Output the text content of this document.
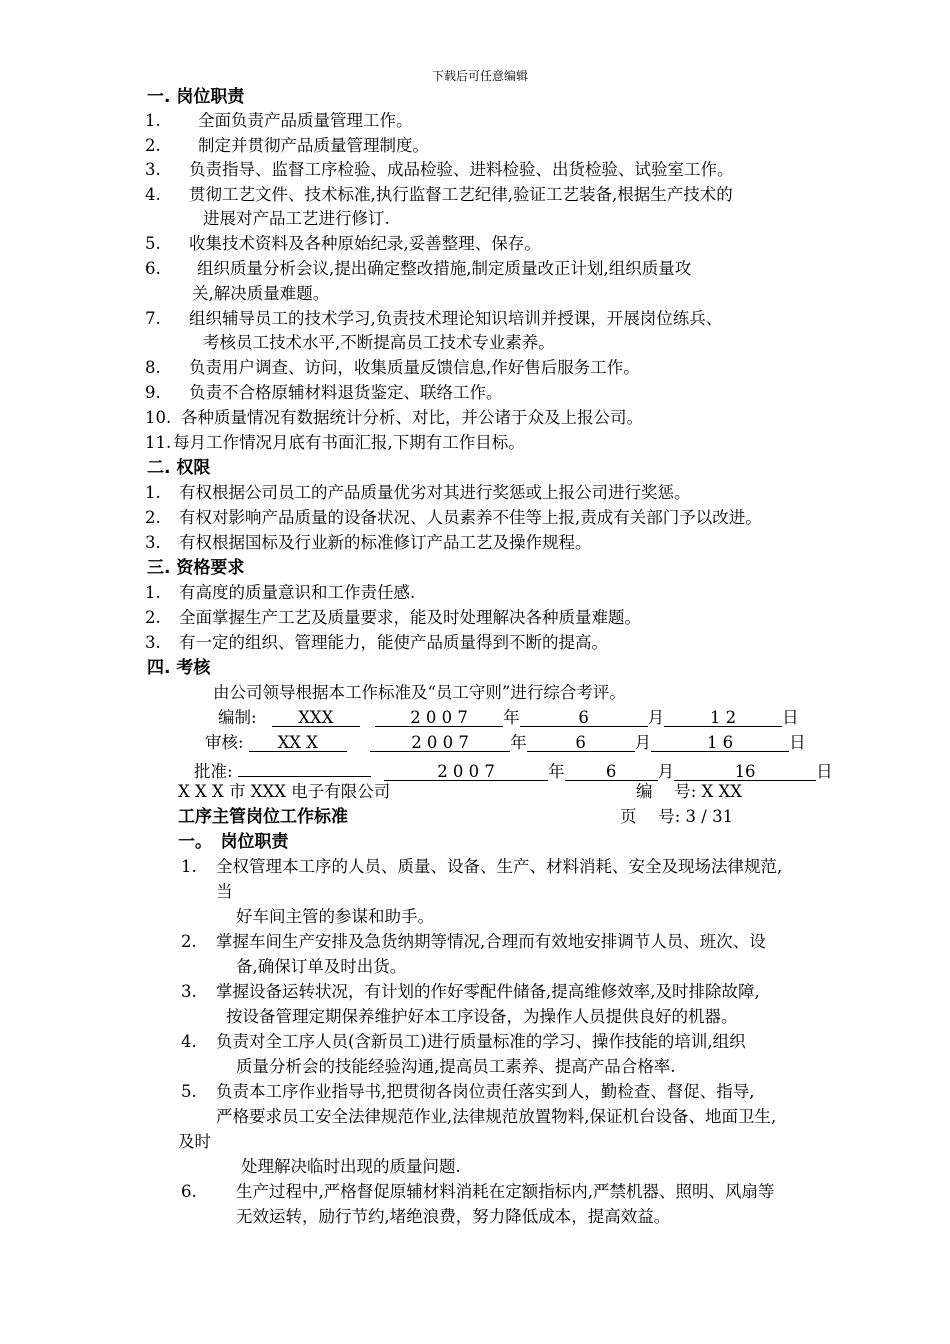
下载后可任意编辑
一. 岗位职责
1. 全面负责产品质量管理工作。
2. 制定并贯彻产品质量管理制度。
3. 负责指导、监督工序检验、成品检验、进料检验、出货检验、试验室工作。
4. 贯彻工艺文件、技术标准,执行监督工艺纪律,验证工艺装备,根据生产技术的
进展对产品工艺进行修订.
5. 收集技术资料及各种原始纪录,妥善整理、保存。
6. 组织质量分析会议,提出确定整改措施,制定质量改正计划,组织质量攻
关,解决质量难题。
7. 组织辅导员工的技术学习,负责技术理论知识培训并授课，开展岗位练兵、
考核员工技术水平,不断提高员工技术专业素养。
8. 负责用户调查、访问，收集质量反馈信息,作好售后服务工作。
9. 负责不合格原辅材料退货鉴定、联络工作。
10. 各种质量情况有数据统计分析、对比，并公诸于众及上报公司。
11. 每月工作情况月底有书面汇报,下期有工作目标。
二. 权限
1. 有权根据公司员工的产品质量优劣对其进行奖惩或上报公司进行奖惩。
2. 有权对影响产品质量的设备状况、人员素养不佳等上报,责成有关部门予以改进。
3. 有权根据国标及行业新的标准修订产品工艺及操作规程。
三. 资格要求
1. 有高度的质量意识和工作责任感.
2. 全面掌握生产工艺及质量要求，能及时处理解决各种质量难题。
3. 有一定的组织、管理能力，能使产品质量得到不断的提高。
四. 考核
由公司领导根据本工作标准及“员工守则”进行综合考评。
编制:	XXX	2 0 0 7 年	6	月	1 2	日
审核: XX X	2 0 0 7 年	6	月	1 6	日
批准:	2 0 0 7	年	6	月	16	日
X X X 市 XXX 电子有限公司	编　 号: X XX
工序主管岗位工作标准	页　 号: 3 / 31
一。　岗位职责
1. 全权管理本工序的人员、质量、设备、生产、材料消耗、安全及现场法律规范,
当
好车间主管的参谋和助手。
2. 掌握车间生产安排及急货纳期等情况,合理而有效地安排调节人员、班次、设
备,确保订单及时出货。
3. 掌握设备运转状况，有计划的作好零配件储备,提高维修效率,及时排除故障,
按设备管理定期保养维护好本工序设备，为操作人员提供良好的机器。
4. 负责对全工序人员(含新员工)进行质量标准的学习、操作技能的培训,组织
质量分析会的技能经验沟通,提高员工素养、提高产品合格率.
5. 负责本工序作业指导书,把贯彻各岗位责任落实到人，勤检查、督促、指导,
严格要求员工安全法律规范作业,法律规范放置物料,保证机台设备、地面卫生,
及时
处理解决临时出现的质量问题.
6. 生产过程中,严格督促原辅材料消耗在定额指标内,严禁机器、照明、风扇等
无效运转，励行节约,堵绝浪费，努力降低成本，提高效益。
